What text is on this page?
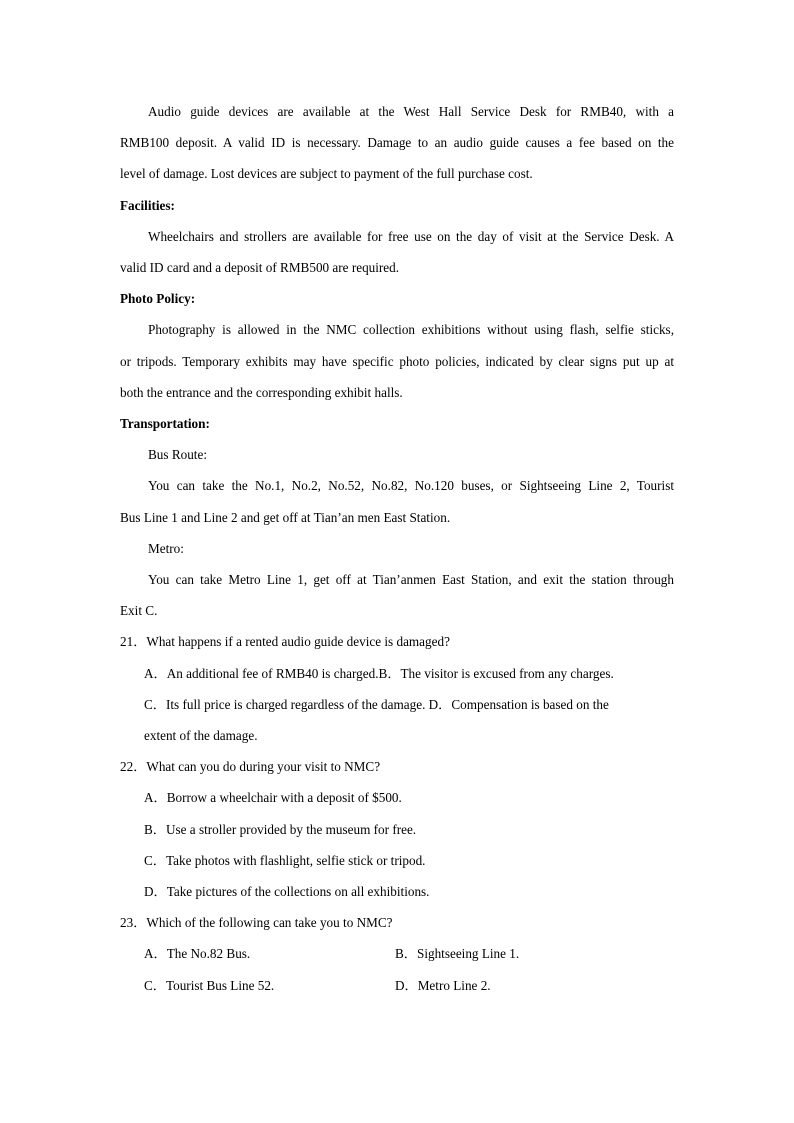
Audio guide devices are available at the West Hall Service Desk for RMB40, with a
RMB100 deposit. A valid ID is necessary. Damage to an audio guide causes a fee based on the
level of damage. Lost devices are subject to payment of the full purchase cost.
Facilities:
Wheelchairs and strollers are available for free use on the day of visit at the Service Desk. A
valid ID card and a deposit of RMB500 are required.
Photo Policy:
Photography is allowed in the NMC collection exhibitions without using flash, selfie sticks,
or tripods. Temporary exhibits may have specific photo policies, indicated by clear signs put up at
both the entrance and the corresponding exhibit halls.
Transportation:
Bus Route:
You can take the No.1, No.2, No.52, No.82, No.120 buses, or Sightseeing Line 2, Tourist
Bus Line 1 and Line 2 and get off at Tian’an men East Station.
Metro:
You can take Metro Line 1, get off at Tian’anmen East Station, and exit the station through
Exit C.
21．What happens if a rented audio guide device is damaged?
A．An additional fee of RMB40 is charged.B．The visitor is excused from any charges.
C．Its full price is charged regardless of the damage. D．Compensation is based on the
extent of the damage.
22．What can you do during your visit to NMC?
A．Borrow a wheelchair with a deposit of $500.
B．Use a stroller provided by the museum for free.
C．Take photos with flashlight, selfie stick or tripod.
D．Take pictures of the collections on all exhibitions.
23．Which of the following can take you to NMC?
A．The No.82 Bus.	B．Sightseeing Line 1.
C．Tourist Bus Line 52.	D．Metro Line 2.
